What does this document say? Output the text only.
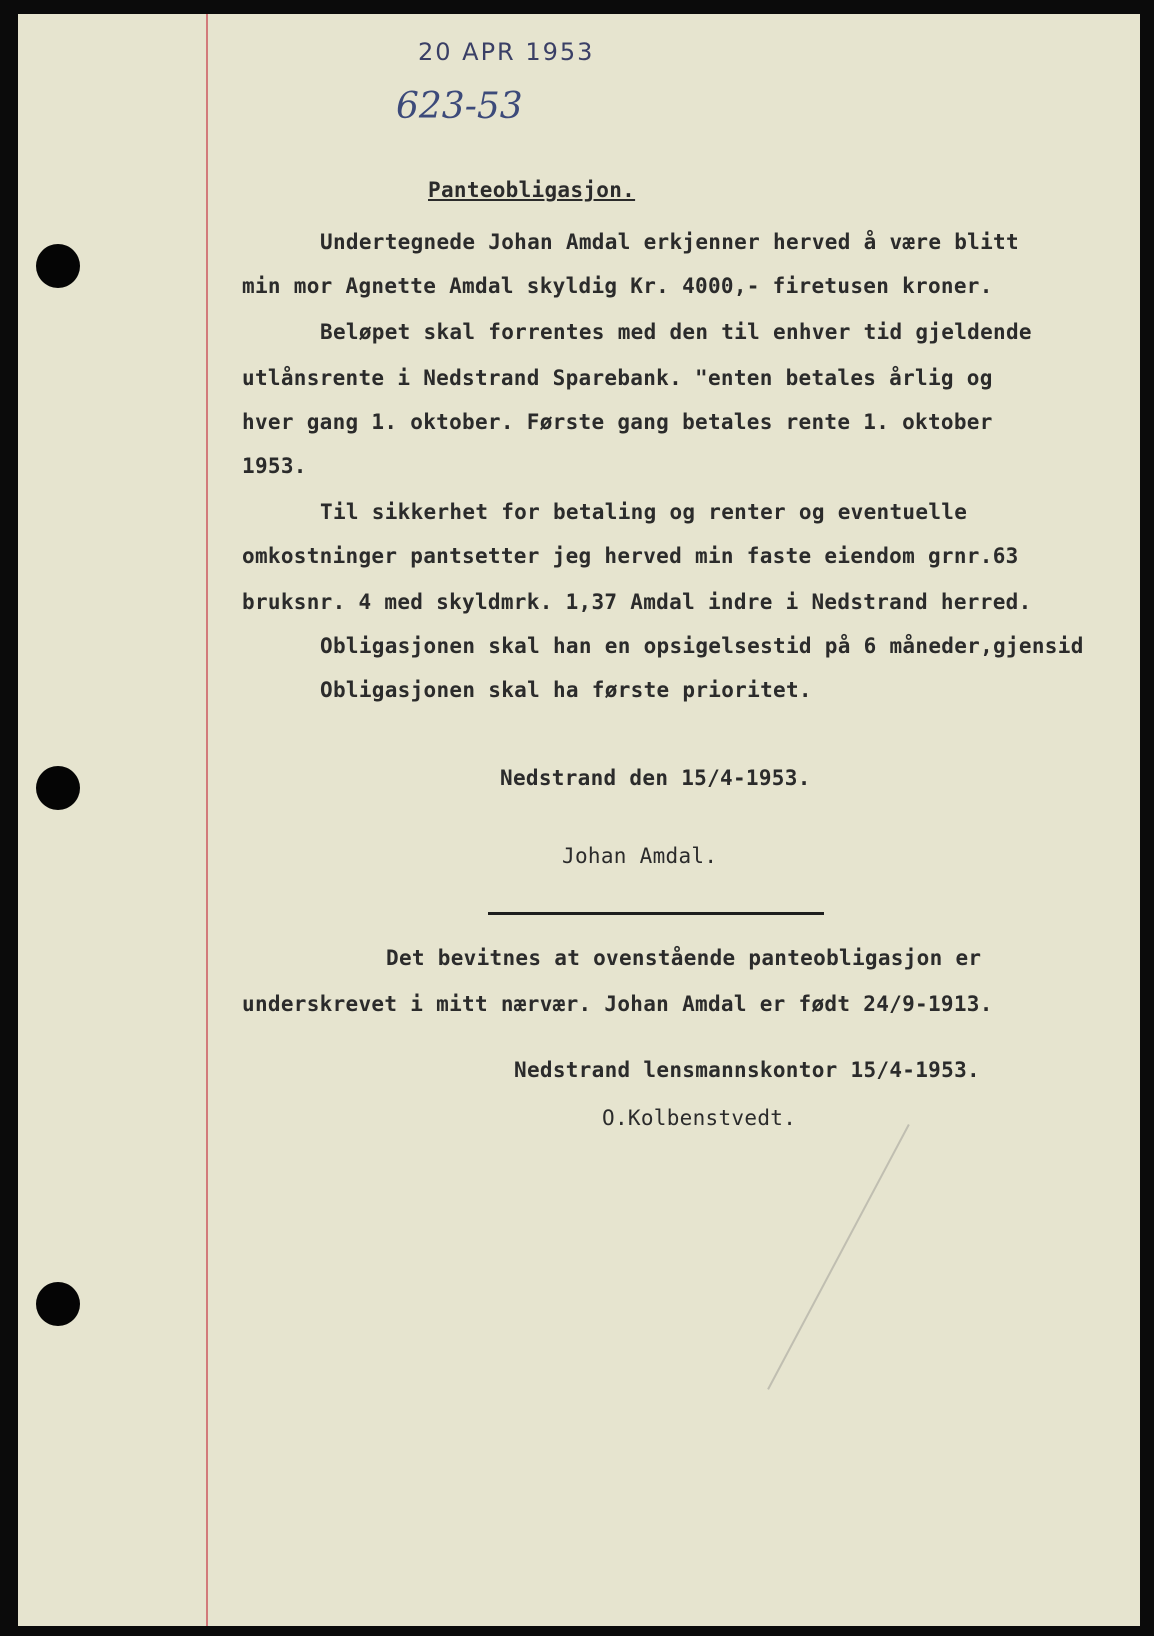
20 APR 1953
623-53
Panteobligasjon.
Undertegnede Johan Amdal erkjenner herved å være blitt
min mor Agnette Amdal skyldig Kr. 4000,- firetusen kroner.
Beløpet skal forrentes med den til enhver tid gjeldende
utlånsrente i Nedstrand Sparebank. "enten betales årlig og
hver gang 1. oktober. Første gang betales rente 1. oktober
1953.
Til sikkerhet for betaling og renter og eventuelle
omkostninger pantsetter jeg herved min faste eiendom grnr.63
bruksnr. 4 med skyldmrk. 1,37 Amdal indre i Nedstrand herred.
Obligasjonen skal han en opsigelsestid på 6 måneder,gjensid
Obligasjonen skal ha første prioritet.
Nedstrand den 15/4-1953.
Johan Amdal.
Det bevitnes at ovenstående panteobligasjon er
underskrevet i mitt nærvær. Johan Amdal er født 24/9-1913.
Nedstrand lensmannskontor 15/4-1953.
O.Kolbenstvedt.
